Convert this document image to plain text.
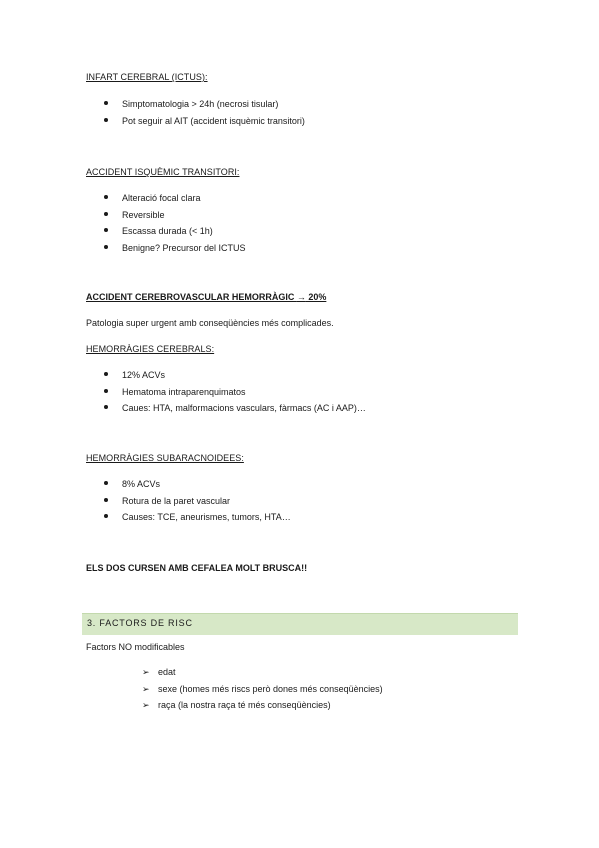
INFART CEREBRAL (ICTUS):
Simptomatologia > 24h (necrosi tisular)
Pot seguir al AIT (accident isquèmic transitori)
ACCIDENT ISQUÈMIC TRANSITORI:
Alteració focal clara
Reversible
Escassa durada (< 1h)
Benigne? Precursor del ICTUS
ACCIDENT CEREBROVASCULAR HEMORRÀGIC → 20%
Patologia super urgent amb conseqüències més complicades.
HEMORRÀGIES CEREBRALS:
12% ACVs
Hematoma intraparenquimatos
Caues: HTA, malformacions vasculars, fàrmacs (AC i AAP)…
HEMORRÀGIES SUBARACNOIDEES:
8% ACVs
Rotura de la paret vascular
Causes: TCE, aneurismes, tumors, HTA…
ELS DOS CURSEN AMB CEFALEA MOLT BRUSCA!!
3. FACTORS DE RISC
Factors NO modificables
➢ edat
➢ sexe (homes més riscs però dones més conseqüències)
➢ raça (la nostra raça té més conseqüències)
